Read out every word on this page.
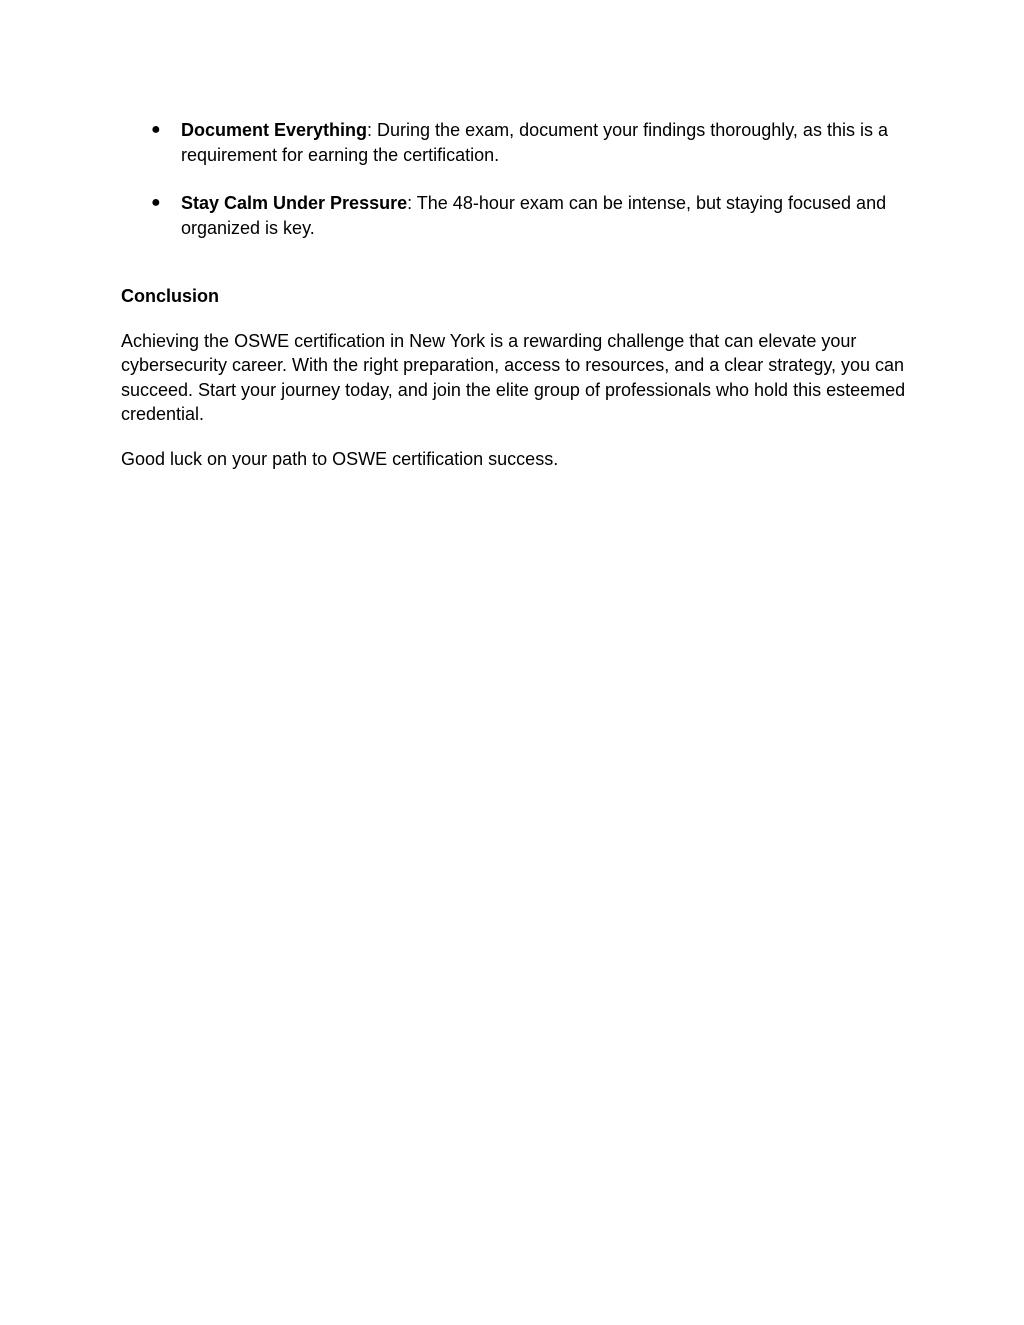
● Document Everything: During the exam, document your findings thoroughly, as this is a requirement for earning the certification.
● Stay Calm Under Pressure: The 48-hour exam can be intense, but staying focused and organized is key.
Conclusion

Achieving the OSWE certification in New York is a rewarding challenge that can elevate your cybersecurity career. With the right preparation, access to resources, and a clear strategy, you can succeed. Start your journey today, and join the elite group of professionals who hold this esteemed credential.

Good luck on your path to OSWE certification success.
